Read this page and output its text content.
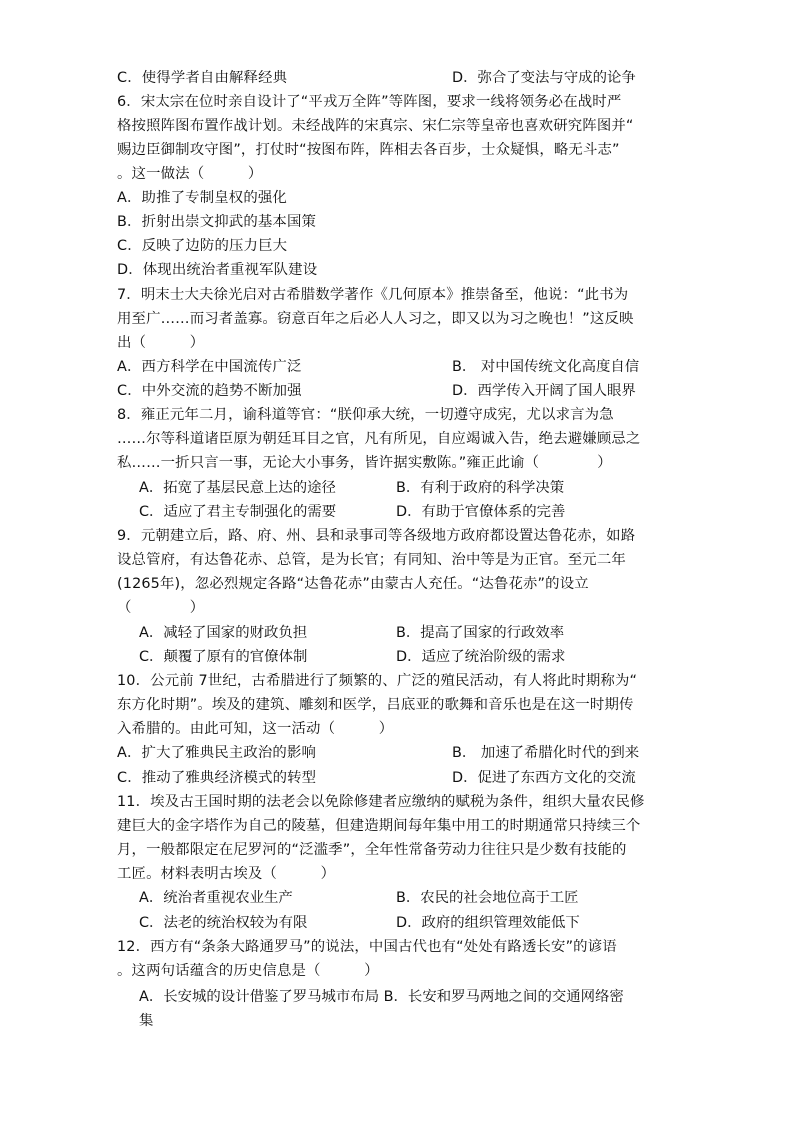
C．使得学者自由解释经典	D．弥合了变法与守成的论争
6．宋太宗在位时亲自设计了“平戎万全阵”等阵图，要求一线将领务必在战时严
格按照阵图布置作战计划。未经战阵的宋真宗、宋仁宗等皇帝也喜欢研究阵图并“
赐边臣御制攻守图”，打仗时“按图布阵，阵相去各百步，士众疑惧，略无斗志”
。这一做法（　　　）
A．助推了专制皇权的强化
B．折射出崇文抑武的基本国策
C．反映了边防的压力巨大
D．体现出统治者重视军队建设
7．明末士大夫徐光启对古希腊数学著作《几何原本》推崇备至，他说：“此书为
用至广……而习者盖寡。窃意百年之后必人人习之，即又以为习之晚也！”这反映
出（　　　）
A．西方科学在中国流传广泛	B． 对中国传统文化高度自信
C．中外交流的趋势不断加强	D．西学传入开阔了国人眼界
8．雍正元年二月，谕科道等官：“朕仰承大统，一切遵守成宪，尤以求言为急
……尔等科道诸臣原为朝廷耳目之官，凡有所见，自应竭诚入告，绝去避嫌顾忌之
私……一折只言一事，无论大小事务，皆许据实敷陈。”雍正此谕（　　　　）
A．拓宽了基层民意上达的途径	B．有利于政府的科学决策
C．适应了君主专制强化的需要	D．有助于官僚体系的完善
9．元朝建立后，路、府、州、县和录事司等各级地方政府都设置达鲁花赤，如路
设总管府，有达鲁花赤、总管，是为长官；有同知、治中等是为正官。至元二年
(1265年)，忽必烈规定各路“达鲁花赤”由蒙古人充任。“达鲁花赤”的设立
（　　　　）
A．减轻了国家的财政负担	B．提高了国家的行政效率
C．颠覆了原有的官僚体制	D．适应了统治阶级的需求
10．公元前 7世纪，古希腊进行了频繁的、广泛的殖民活动，有人将此时期称为“
东方化时期”。埃及的建筑、雕刻和医学，吕底亚的歌舞和音乐也是在这一时期传
入希腊的。由此可知，这一活动（　　　）
A．扩大了雅典民主政治的影响	B． 加速了希腊化时代的到来
C．推动了雅典经济模式的转型	D．促进了东西方文化的交流
11．埃及古王国时期的法老会以免除修建者应缴纳的赋税为条件，组织大量农民修
建巨大的金字塔作为自己的陵墓，但建造期间每年集中用工的时期通常只持续三个
月，一般都限定在尼罗河的“泛滥季”，全年性常备劳动力往往只是少数有技能的
工匠。材料表明古埃及（　　　）
A．统治者重视农业生产	B．农民的社会地位高于工匠
C．法老的统治权较为有限	D．政府的组织管理效能低下
12．西方有“条条大路通罗马”的说法，中国古代也有“处处有路透长安”的谚语
。这两句话蕴含的历史信息是（　　　）
A．长安城的设计借鉴了罗马城市布局 B．长安和罗马两地之间的交通网络密
集
